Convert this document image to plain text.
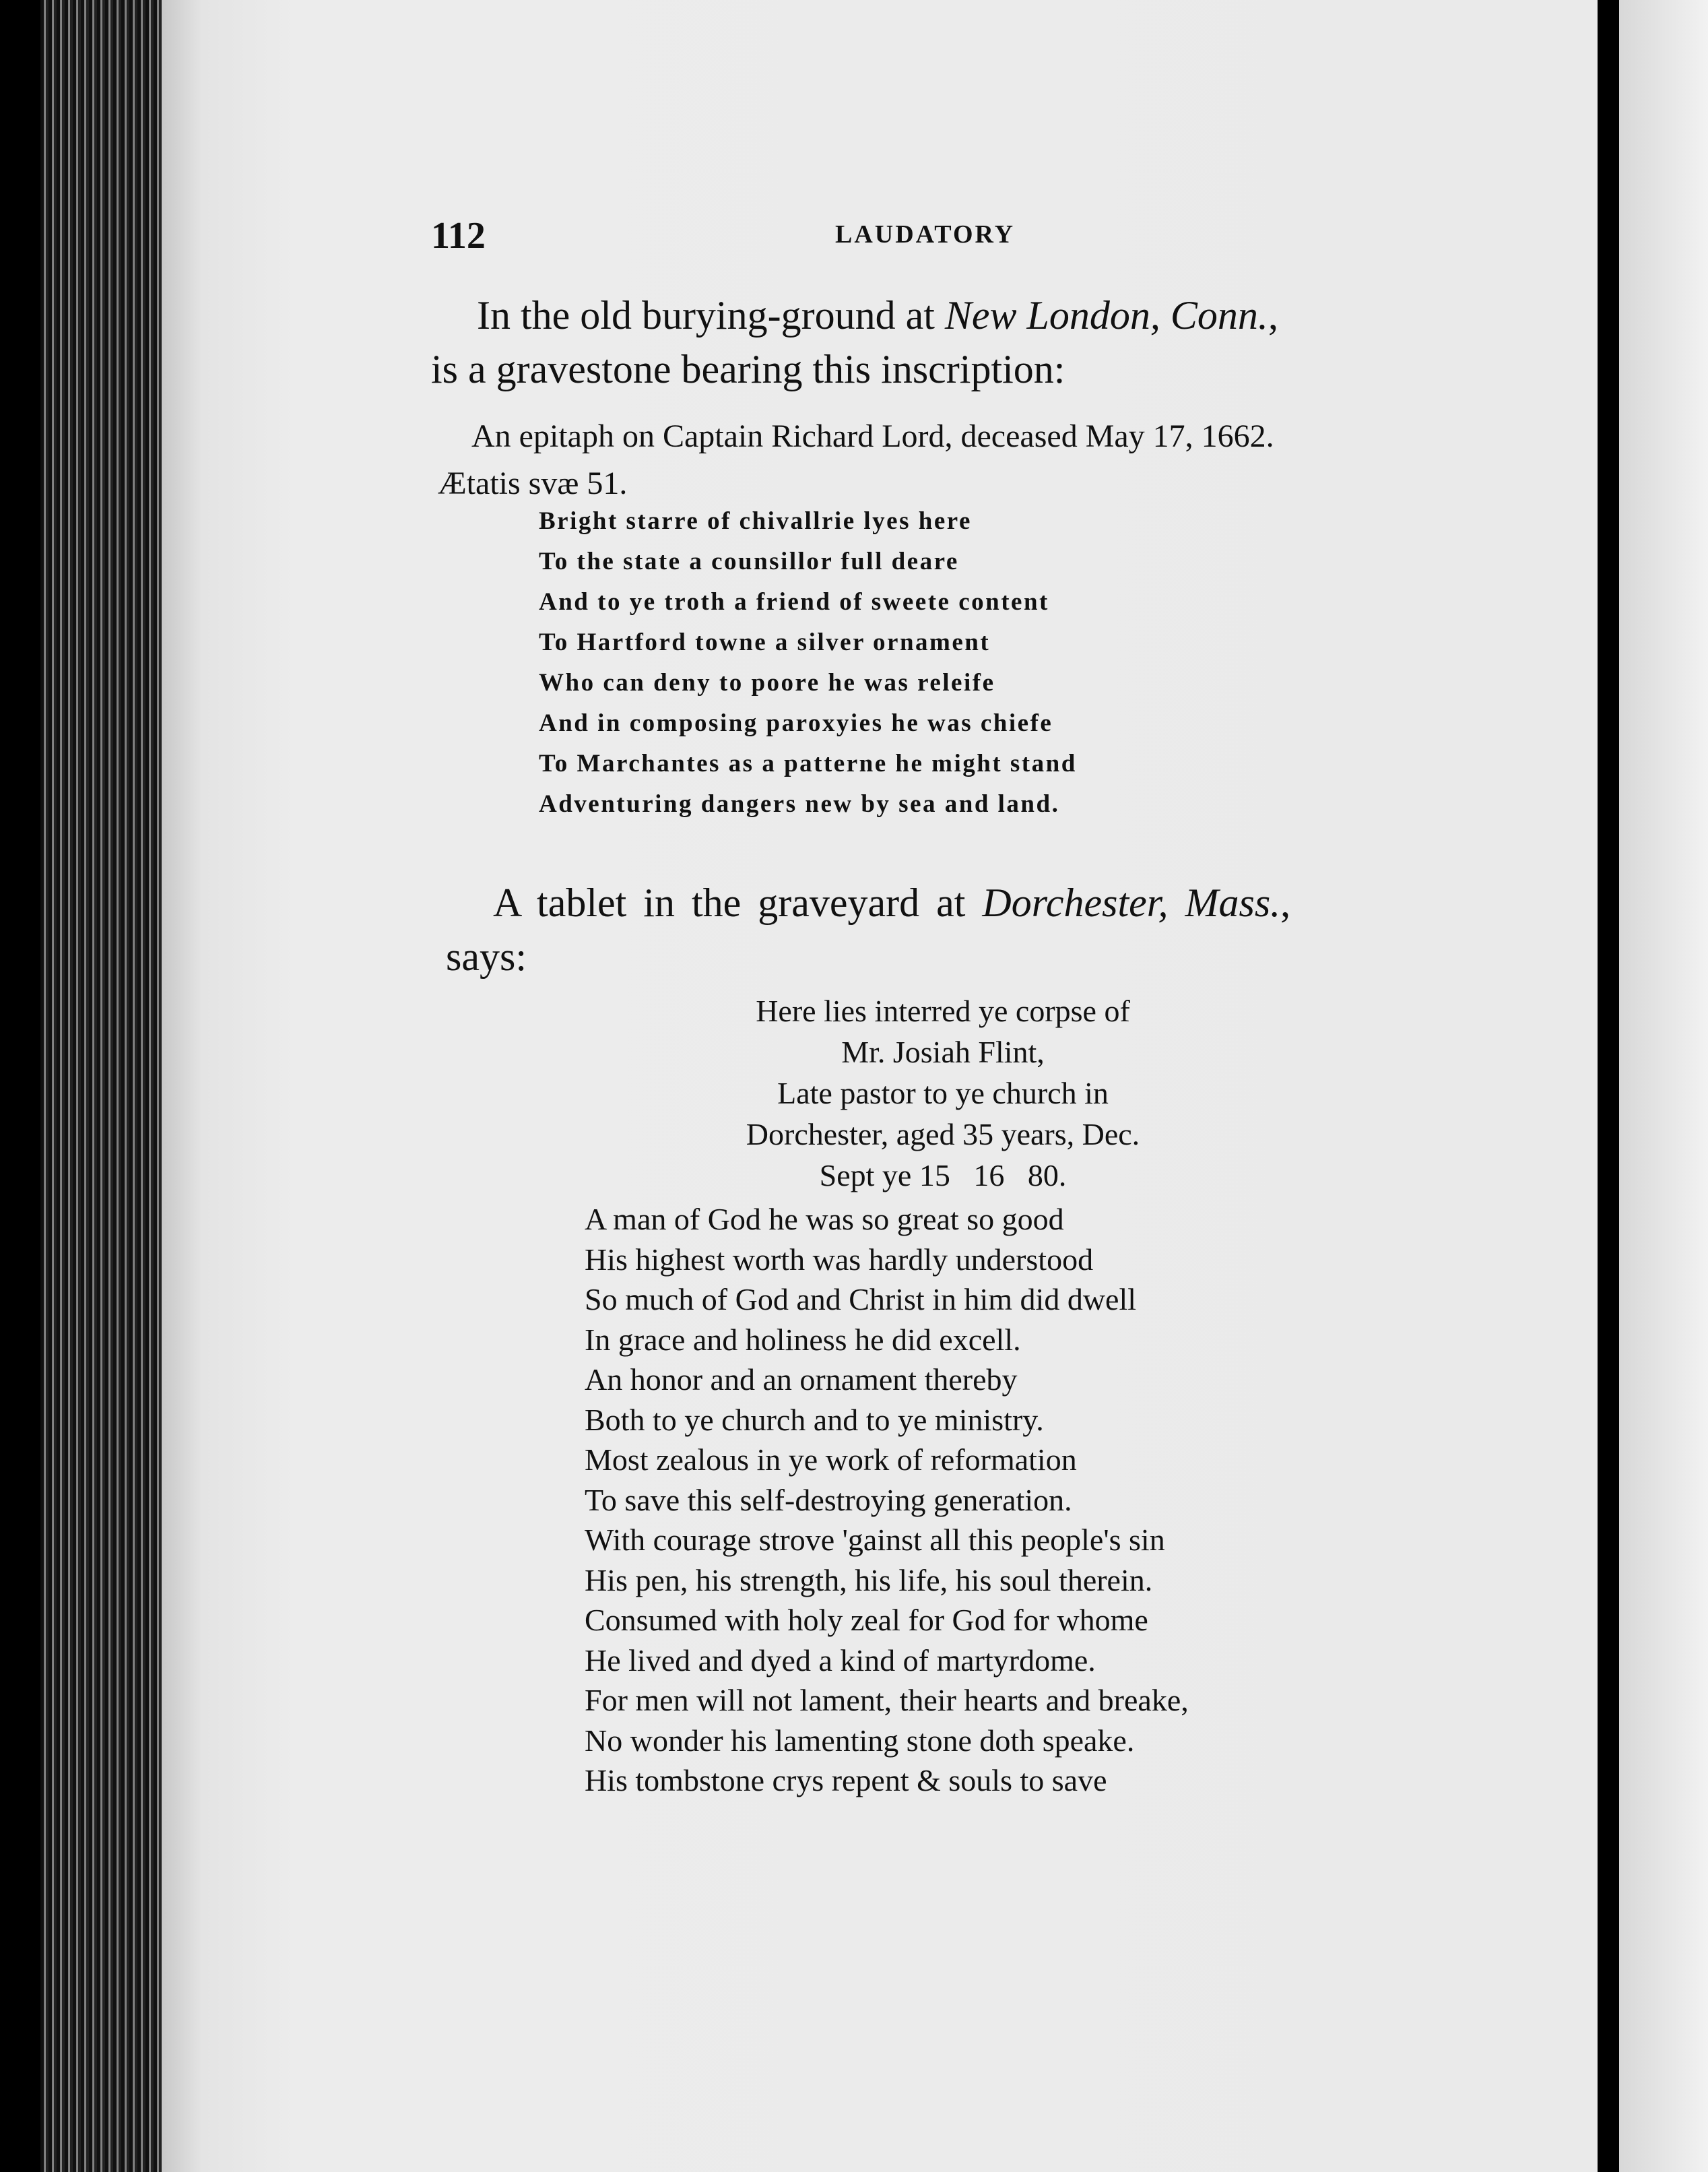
112	LAUDATORY
In the old burying-ground at New London, Conn.,
is a gravestone bearing this inscription:
An epitaph on Captain Richard Lord, deceased May 17, 1662.
Ætatis svæ 51.
Bright starre of chivallrie lyes here
To the state a counsillor full deare
And to ye troth a friend of sweete content
To Hartford towne a silver ornament
Who can deny to poore he was releife
And in composing paroxyies he was chiefe
To Marchantes as a patterne he might stand
Adventuring dangers new by sea and land.
A tablet in the graveyard at Dorchester, Mass.,
says:
Here lies interred ye corpse of
Mr. Josiah Flint,
Late pastor to ye church in
Dorchester, aged 35 years, Dec.
Sept ye 15   16   80.
A man of God he was so great so good
His highest worth was hardly understood
So much of God and Christ in him did dwell
In grace and holiness he did excell.
An honor and an ornament thereby
Both to ye church and to ye ministry.
Most zealous in ye work of reformation
To save this self-destroying generation.
With courage strove 'gainst all this people's sin
His pen, his strength, his life, his soul therein.
Consumed with holy zeal for God for whome
He lived and dyed a kind of martyrdome.
For men will not lament, their hearts and breake,
No wonder his lamenting stone doth speake.
His tombstone crys repent & souls to save
